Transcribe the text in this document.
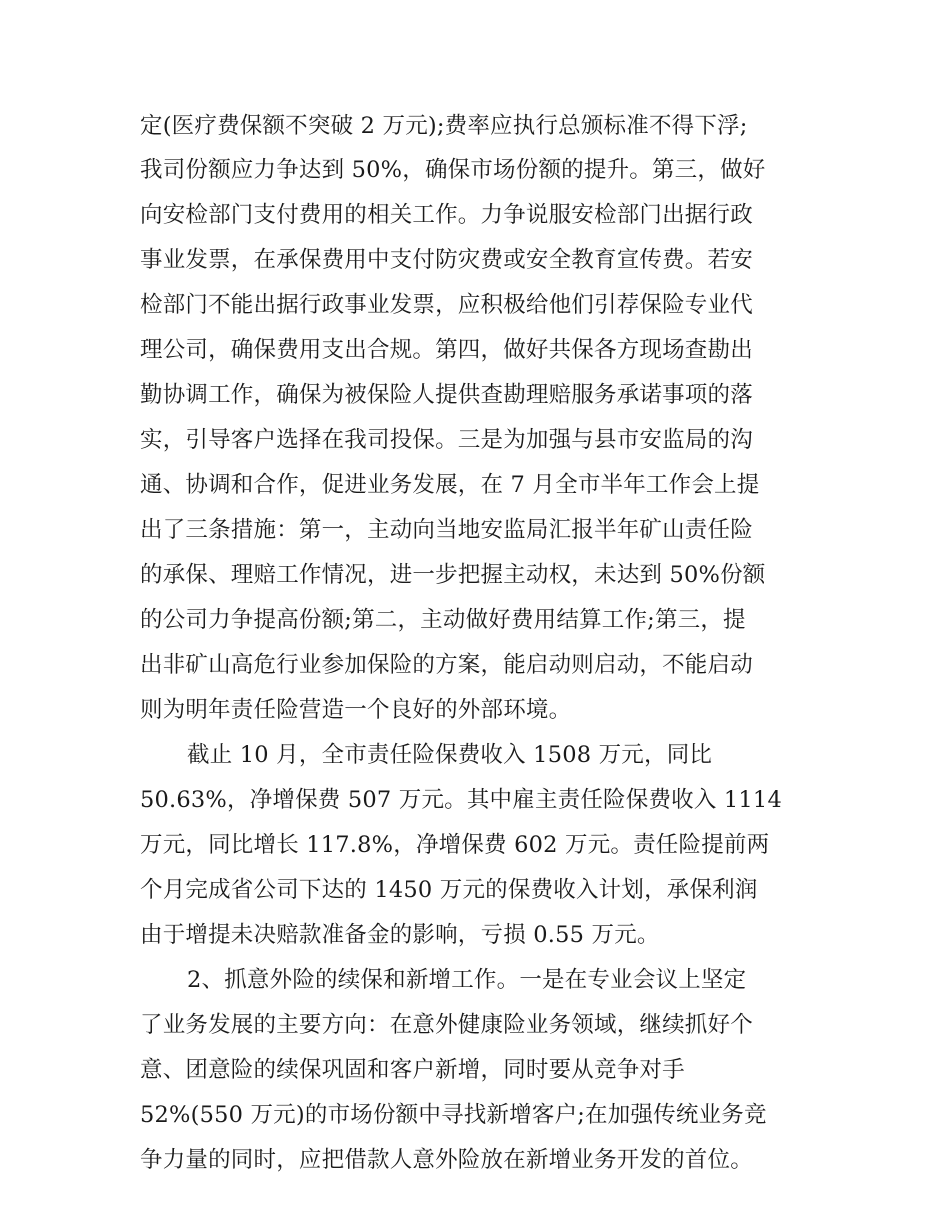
定(医疗费保额不突破 2 万元);费率应执行总颁标准不得下浮;
我司份额应力争达到 50%，确保市场份额的提升。第三，做好
向安检部门支付费用的相关工作。力争说服安检部门出据行政
事业发票，在承保费用中支付防灾费或安全教育宣传费。若安
检部门不能出据行政事业发票，应积极给他们引荐保险专业代
理公司，确保费用支出合规。第四，做好共保各方现场查勘出
勤协调工作，确保为被保险人提供查勘理赔服务承诺事项的落
实，引导客户选择在我司投保。三是为加强与县市安监局的沟
通、协调和合作，促进业务发展，在 7 月全市半年工作会上提
出了三条措施：第一，主动向当地安监局汇报半年矿山责任险
的承保、理赔工作情况，进一步把握主动权，未达到 50%份额
的公司力争提高份额;第二，主动做好费用结算工作;第三，提
出非矿山高危行业参加保险的方案，能启动则启动，不能启动
则为明年责任险营造一个良好的外部环境。
截止 10 月，全市责任险保费收入 1508 万元，同比
50.63%，净增保费 507 万元。其中雇主责任险保费收入 1114
万元，同比增长 117.8%，净增保费 602 万元。责任险提前两
个月完成省公司下达的 1450 万元的保费收入计划，承保利润
由于增提未决赔款准备金的影响，亏损 0.55 万元。
2、抓意外险的续保和新增工作。一是在专业会议上坚定
了业务发展的主要方向：在意外健康险业务领域，继续抓好个
意、团意险的续保巩固和客户新增，同时要从竞争对手
52%(550 万元)的市场份额中寻找新增客户;在加强传统业务竞
争力量的同时，应把借款人意外险放在新增业务开发的首位。
